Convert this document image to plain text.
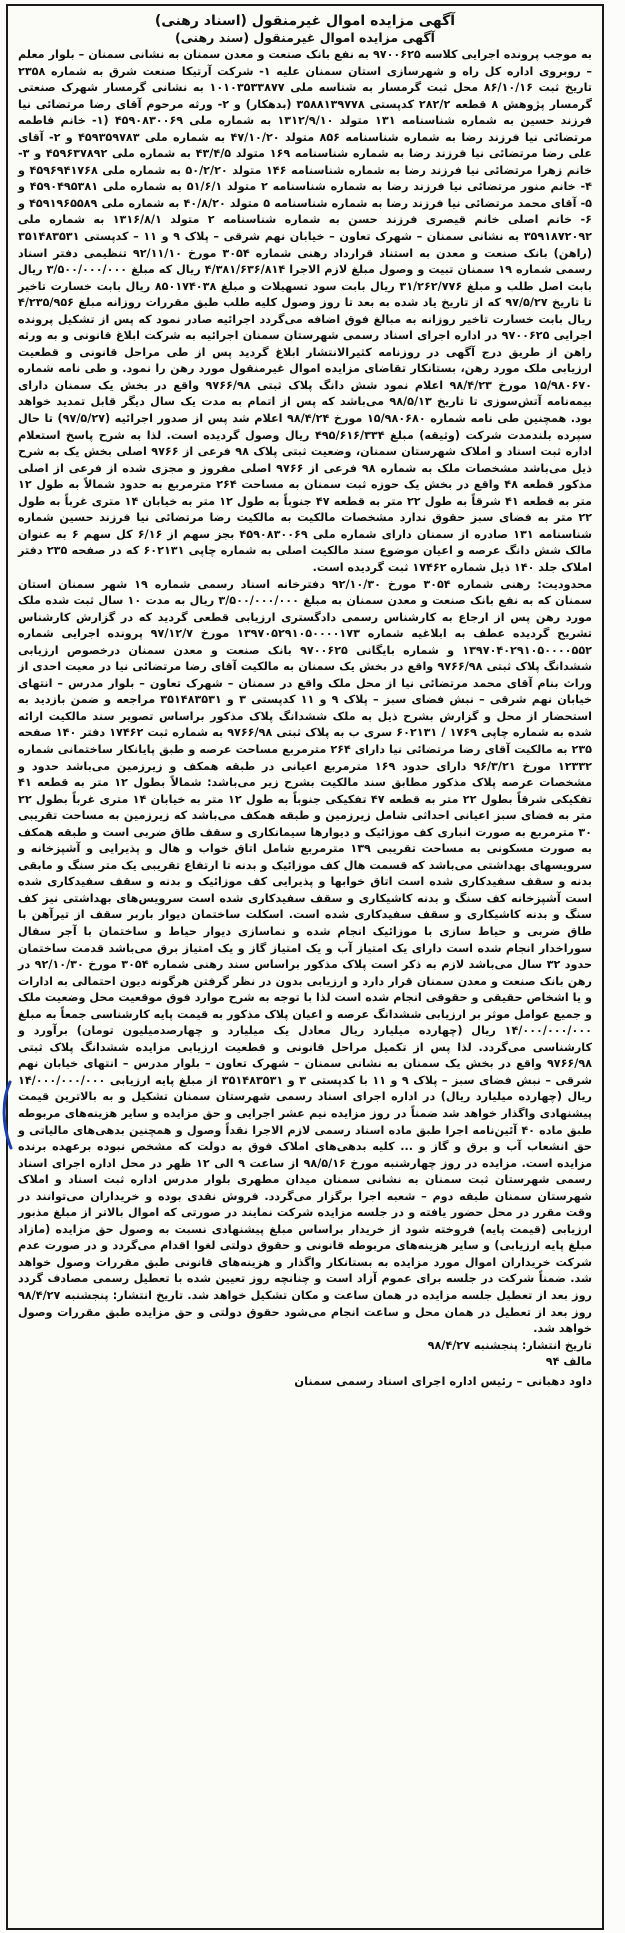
آگهی مزایده اموال غیرمنقول (اسناد رهنی)
آگهی مزایده اموال غیرمنقول (سند رهنی)

به موجب پرونده اجرایی کلاسه ۹۷۰۰۶۲۵ به نفع بانک صنعت و معدن سمنان به نشانی سمنان – بلوار معلم – روبروی اداره کل راه و شهرسازی استان سمنان علیه ۱- شرکت آرتیکا صنعت شرق به شماره ۲۳۵۸ تاریخ ثبت ۸۶/۱۰/۱۶ محل ثبت گرمسار به شناسه ملی ۱۰۱۰۳۵۳۳۸۷۷ به نشانی گرمسار شهرک صنعتی گرمسار پژوهش ۸ قطعه ۲۸۲/۲ کدپستی ۳۵۸۸۱۳۹۷۷۸ (بدهکار) و ۲- ورثه مرحوم آقای رضا مرتضائی نیا فرزند حسین به شماره شناسنامه ۱۳۱ متولد ۱۳۱۲/۹/۱۰ به شماره ملی ۴۵۹۰۸۳۰۰۶۹ (۱- خانم فاطمه مرتضائی نیا فرزند رضا به شماره شناسنامه ۸۵۶ متولد ۴۷/۱۰/۲۰ به شماره ملی ۴۵۹۳۵۹۷۸۳ و ۲- آقای علی رضا مرتضائی نیا فرزند رضا به شماره شناسنامه ۱۶۹ متولد ۴۳/۴/۵ به شماره ملی ۴۵۹۶۳۷۸۹۲ و ۳- خانم زهرا مرتضائی نیا فرزند رضا به شماره شناسنامه ۱۴۶ متولد ۵۰/۲/۲۰ به شماره ملی ۴۵۹۶۹۴۱۷۶۸ و ۴- خانم منور مرتضائی نیا فرزند رضا به شماره شناسنامه ۲ متولد ۵۱/۶/۱ به شماره ملی ۴۵۹۰۴۹۵۳۸۱ و ۵- آقای محمد مرتضائی نیا فرزند رضا به شماره شناسنامه ۵ متولد ۴۰/۸/۲۰ به شماره ملی ۴۵۹۱۹۶۵۵۸۹ و ۶- خانم اصلی خانم قیصری فرزند حسن به شماره شناسنامه ۲ متولد ۱۳۱۶/۸/۱ به شماره ملی ۳۵۹۱۸۷۲۰۹۲ به نشانی سمنان – شهرک تعاون – خیابان نهم شرقی – پلاک ۹ و ۱۱ – کدپستی ۳۵۱۴۸۳۵۳۱ (راهن) بانک صنعت و معدن به استناد قرارداد رهنی شماره ۳۰۵۴ مورخ ۹۲/۱۱/۱۰ تنظیمی دفتر اسناد رسمی شماره ۱۹ سمنان تبیت و وصول مبلغ لازم الاجرا ۴/۳۸۱/۶۳۶/۸۱۴ ریال که مبلغ ۳/۵۰۰/۰۰۰/۰۰۰ ریال بابت اصل طلب و مبلغ ۳۱/۲۶۲/۷۷۶ ریال بابت سود تسهیلات و مبلغ ۸۵۰۱۷۴۰۳۸ ریال بابت خسارت تاخیر تا تاریخ ۹۷/۵/۲۷ که از تاریخ یاد شده به بعد تا روز وصول کلیه طلب طبق مقررات روزانه مبلغ ۴/۲۳۵/۹۵۶ ریال بابت خسارت تاخیر روزانه به مبالغ فوق اضافه می‌گردد اجرائیه صادر نمود که پس از تشکیل پرونده اجرایی ۹۷۰۰۶۲۵ در اداره اجرای اسناد رسمی شهرستان سمنان اجرائیه به شرکت ابلاغ قانونی و به ورثه راهن از طریق درج آگهی در روزنامه کثیرالانتشار ابلاغ گردید پس از طی مراحل قانونی و قطعیت ارزیابی ملک مورد رهن، بستانکار تقاضای مزایده اموال غیرمنقول مورد رهن را نمود. و طی نامه شماره ۱۵/۹۸۰۶۷۰ مورخ ۹۸/۴/۲۳ اعلام نمود شش دانگ پلاک ثبتی ۹۷۶۶/۹۸ واقع در بخش یک سمنان دارای بیمه‌نامه آتش‌سوزی تا تاریخ ۹۸/۵/۱۳ می‌باشد که پس از اتمام به مدت یک سال دیگر قابل تمدید خواهد بود. همچنین طی نامه شماره ۱۵/۹۸۰۶۸۰ مورخ ۹۸/۴/۲۴ اعلام شد پس از صدور اجرائیه (۹۷/۵/۲۷) تا حال سپرده بلندمدت شرکت (وثیقه) مبلغ ۴۹۵/۶۱۶/۳۳۴ ریال وصول گردیده است. لذا به شرح پاسخ استعلام اداره ثبت اسناد و املاک شهرستان سمنان، وضعیت ثبتی پلاک ۹۸ فرعی از ۹۷۶۶ اصلی بخش یک به شرح ذیل می‌باشد مشخصات ملک به شماره ۹۸ فرعی از ۹۷۶۶ اصلی مفروز و مجزی شده از فرعی از اصلی مذکور قطعه ۴۸ واقع در بخش یک حوزه ثبت سمنان به مساحت ۲۶۴ مترمربع به حدود شمالاً به طول ۱۲ متر به قطعه ۴۱ شرقاً به طول ۲۲ متر به قطعه ۴۷ جنوباً به طول ۱۲ متر به خیابان ۱۴ متری غرباً به طول ۲۲ متر به فضای سبز حقوق ندارد مشخصات مالکیت به مالکیت رضا مرتضائی نیا فرزند حسین شماره شناسنامه ۱۳۱ صادره از سمنان دارای شماره ملی ۴۵۹۰۸۳۰۰۶۹ بجز سهم از ۶/۱۶ کل سهم ۶ به عنوان مالک شش دانگ عرصه و اعیان موضوع سند مالکیت اصلی به شماره چاپی ۶۰۲۱۳۱ که در صفحه ۲۳۵ دفتر املاک جلد ۱۴۰ ذیل شماره ۱۷۴۶۲ ثبت گردیده است.

محدودیت: رهنی شماره ۳۰۵۴ مورخ ۹۲/۱۰/۳۰ دفترخانه اسناد رسمی شماره ۱۹ شهر سمنان استان سمنان که به نفع بانک صنعت و معدن سمنان به مبلغ ۳/۵۰۰/۰۰۰/۰۰۰ ریال به مدت ۱۰ سال ثبت شده ملک مورد رهن پس از ارجاع به کارشناس رسمی دادگستری ارزیابی قطعی گردید که در گزارش کارشناس تشریح گردیده عطف به ابلاغیه شماره ۱۳۹۷۰۵۲۹۱۰۵۰۰۰۰۱۷۳ مورخ ۹۷/۱۲/۷ پرونده اجرایی شماره ۱۳۹۷۰۴۰۲۹۱۰۵۰۰۰۰۵۵۲ و شماره بایگانی ۹۷۰۰۶۲۵ بانک صنعت و معدن سمنان درخصوص ارزیابی ششدانگ پلاک ثبتی ۹۷۶۶/۹۸ واقع در بخش یک سمنان به مالکیت آقای رضا مرتضائی نیا در معیت احدی از وراث بنام آقای محمد مرتضائی نیا از محل ملک واقع در سمنان – شهرک تعاون – بلوار مدرس – انتهای خیابان نهم شرقی – نبش فضای سبز – پلاک ۹ و ۱۱ کدپستی ۳ و ۳۵۱۴۸۳۵۳۱ مراجعه و ضمن بازدید به استحضار از محل و گزارش بشرح ذیل به ملک ششدانگ پلاک مذکور براساس تصویر سند مالکیت ارائه شده به شماره چاپی ۱۷۶۹ / ۶۰۲۱۳۱ سری ب به پلاک ثبتی ۹۷۶۶/۹۸ به شماره ثبت ۱۷۴۶۲ دفتر ۱۴۰ صفحه ۲۳۵ به مالکیت آقای رضا مرتضائی نیا دارای ۲۶۴ مترمربع مساحت عرصه و طبق پایانکار ساختمانی شماره ۱۲۳۳۲ مورخ ۹۶/۳/۲۱ دارای حدود ۱۶۹ مترمربع اعیانی در طبقه همکف و زیرزمین می‌باشد حدود و مشخصات عرصه پلاک مذکور مطابق سند مالکیت بشرح زیر می‌باشد: شمالاً بطول ۱۲ متر به قطعه ۴۱ تفکیکی شرقاً بطول ۲۲ متر به قطعه ۴۷ تفکیکی جنوباً به طول ۱۲ متر به خیابان ۱۴ متری غرباً بطول ۲۲ متر به فضای سبز اعیانی احداثی شامل زیرزمین و طبقه همکف می‌باشد که زیرزمین به مساحت تقریبی ۳۰ مترمربع به صورت انباری کف موزائیک و دیوارها سیمانکاری و سقف طاق ضربی است و طبقه همکف به صورت مسکونی به مساحت تقریبی ۱۳۹ مترمربع شامل اتاق خواب و هال و پذیرایی و آشپزخانه و سرویسهای بهداشتی می‌باشد که قسمت هال کف موزائیک و بدنه تا ارتفاع تقریبی یک متر سنگ و مابقی بدنه و سقف سفیدکاری شده است اتاق خوابها و پذیرایی کف موزائیک و بدنه و سقف سفیدکاری شده است آشپزخانه کف سنگ و بدنه کاشیکاری و سقف سفیدکاری شده است سرویس‌های بهداشتی نیز کف سنگ و بدنه کاشیکاری و سقف سفیدکاری شده است. اسکلت ساختمان دیوار باربر سقف از تیرآهن با طاق ضربی و حیاط سازی با موزائیک انجام شده و نماسازی دیوار حیاط و ساختمان با آجر سفال سوراخدار انجام شده است دارای یک امتیاز آب و یک امتیاز گاز و یک امتیاز برق می‌باشد قدمت ساختمان حدود ۳۲ سال می‌باشد لازم به ذکر است پلاک مذکور براساس سند رهنی شماره ۳۰۵۴ مورخ ۹۲/۱۰/۳۰ در رهن بانک صنعت و معدن سمنان قرار دارد و ارزیابی بدون در نظر گرفتن هرگونه دیون احتمالی به ادارات و یا اشخاص حقیقی و حقوقی انجام شده است لذا با توجه به شرح موارد فوق موقعیت محل وضعیت ملک و جمیع عوامل موثر بر ارزیابی ششدانگ عرصه و اعیان پلاک مذکور به قیمت پایه کارشناسی جمعاً به مبلغ ۱۴/۰۰۰/۰۰۰/۰۰۰ ریال (چهارده میلیارد ریال معادل یک میلیارد و چهارصدمیلیون تومان) برآورد و کارشناسی می‌گردد. لذا پس از تکمیل مراحل قانونی و قطعیت ارزیابی مزایده ششدانگ پلاک ثبتی ۹۷۶۶/۹۸ واقع در بخش یک سمنان به نشانی سمنان – شهرک تعاون – بلوار مدرس – انتهای خیابان نهم شرقی – نبش فضای سبز – پلاک ۹ و ۱۱ با کدپستی ۳ و ۳۵۱۴۸۳۵۳۱ از مبلغ پایه ارزیابی ۱۴/۰۰۰/۰۰۰/۰۰۰ ریال (چهارده میلیارد ریال) در اداره اجرای اسناد رسمی شهرستان سمنان تشکیل و به بالاترین قیمت پیشنهادی واگذار خواهد شد ضمناً در روز مزایده نیم عشر اجرایی و حق مزایده و سایر هزینه‌های مربوطه طبق ماده ۴۰ آئین‌نامه اجرا طبق ماده اسناد رسمی لازم الاجرا نقداً وصول و همچنین بدهی‌های مالیاتی و حق انشعاب آب و برق و گاز و ... کلیه بدهی‌های املاک فوق به دولت که مشخص نبوده برعهده برنده مزایده است. مزایده در روز چهارشنبه مورخ ۹۸/۵/۱۶ از ساعت ۹ الی ۱۲ ظهر در محل اداره اجرای اسناد رسمی شهرستان ثبت سمنان به نشانی سمنان میدان مطهری بلوار مدرس اداره ثبت اسناد و املاک شهرستان سمنان طبقه دوم – شعبه اجرا برگزار می‌گردد. فروش نقدی بوده و خریداران می‌توانند در وقت مقرر در محل حضور یافته و در جلسه مزایده شرکت نمایند در صورتی که اموال بالاتر از مبلغ مذبور ارزیابی (قیمت پایه) فروخته شود از خریدار براساس مبلغ پیشنهادی نسبت به وصول حق مزایده (مازاد مبلغ پایه ارزیابی) و سایر هزینه‌های مربوطه قانونی و حقوق دولتی لغوا اقدام می‌گردد و در صورت عدم شرکت خریداران اموال مورد مزایده به بستانکار واگذار و هزینه‌های قانونی طبق مقررات وصول خواهد شد. ضمناً شرکت در جلسه برای عموم آزاد است و چنانچه روز تعیین شده با تعطیل رسمی مصادف گردد روز بعد از تعطیل جلسه مزایده در همان ساعت و مکان تشکیل خواهد شد. تاریخ انتشار: پنجشنبه ۹۸/۴/۲۷ روز بعد از تعطیل در همان محل و ساعت انجام می‌شود حقوق دولتی و حق مزایده طبق مقررات وصول خواهد شد.

تاریخ انتشار: پنجشنبه ۹۸/۴/۲۷

مالف ۹۴

داود دهبانی – رئیس اداره اجرای اسناد رسمی سمنان
